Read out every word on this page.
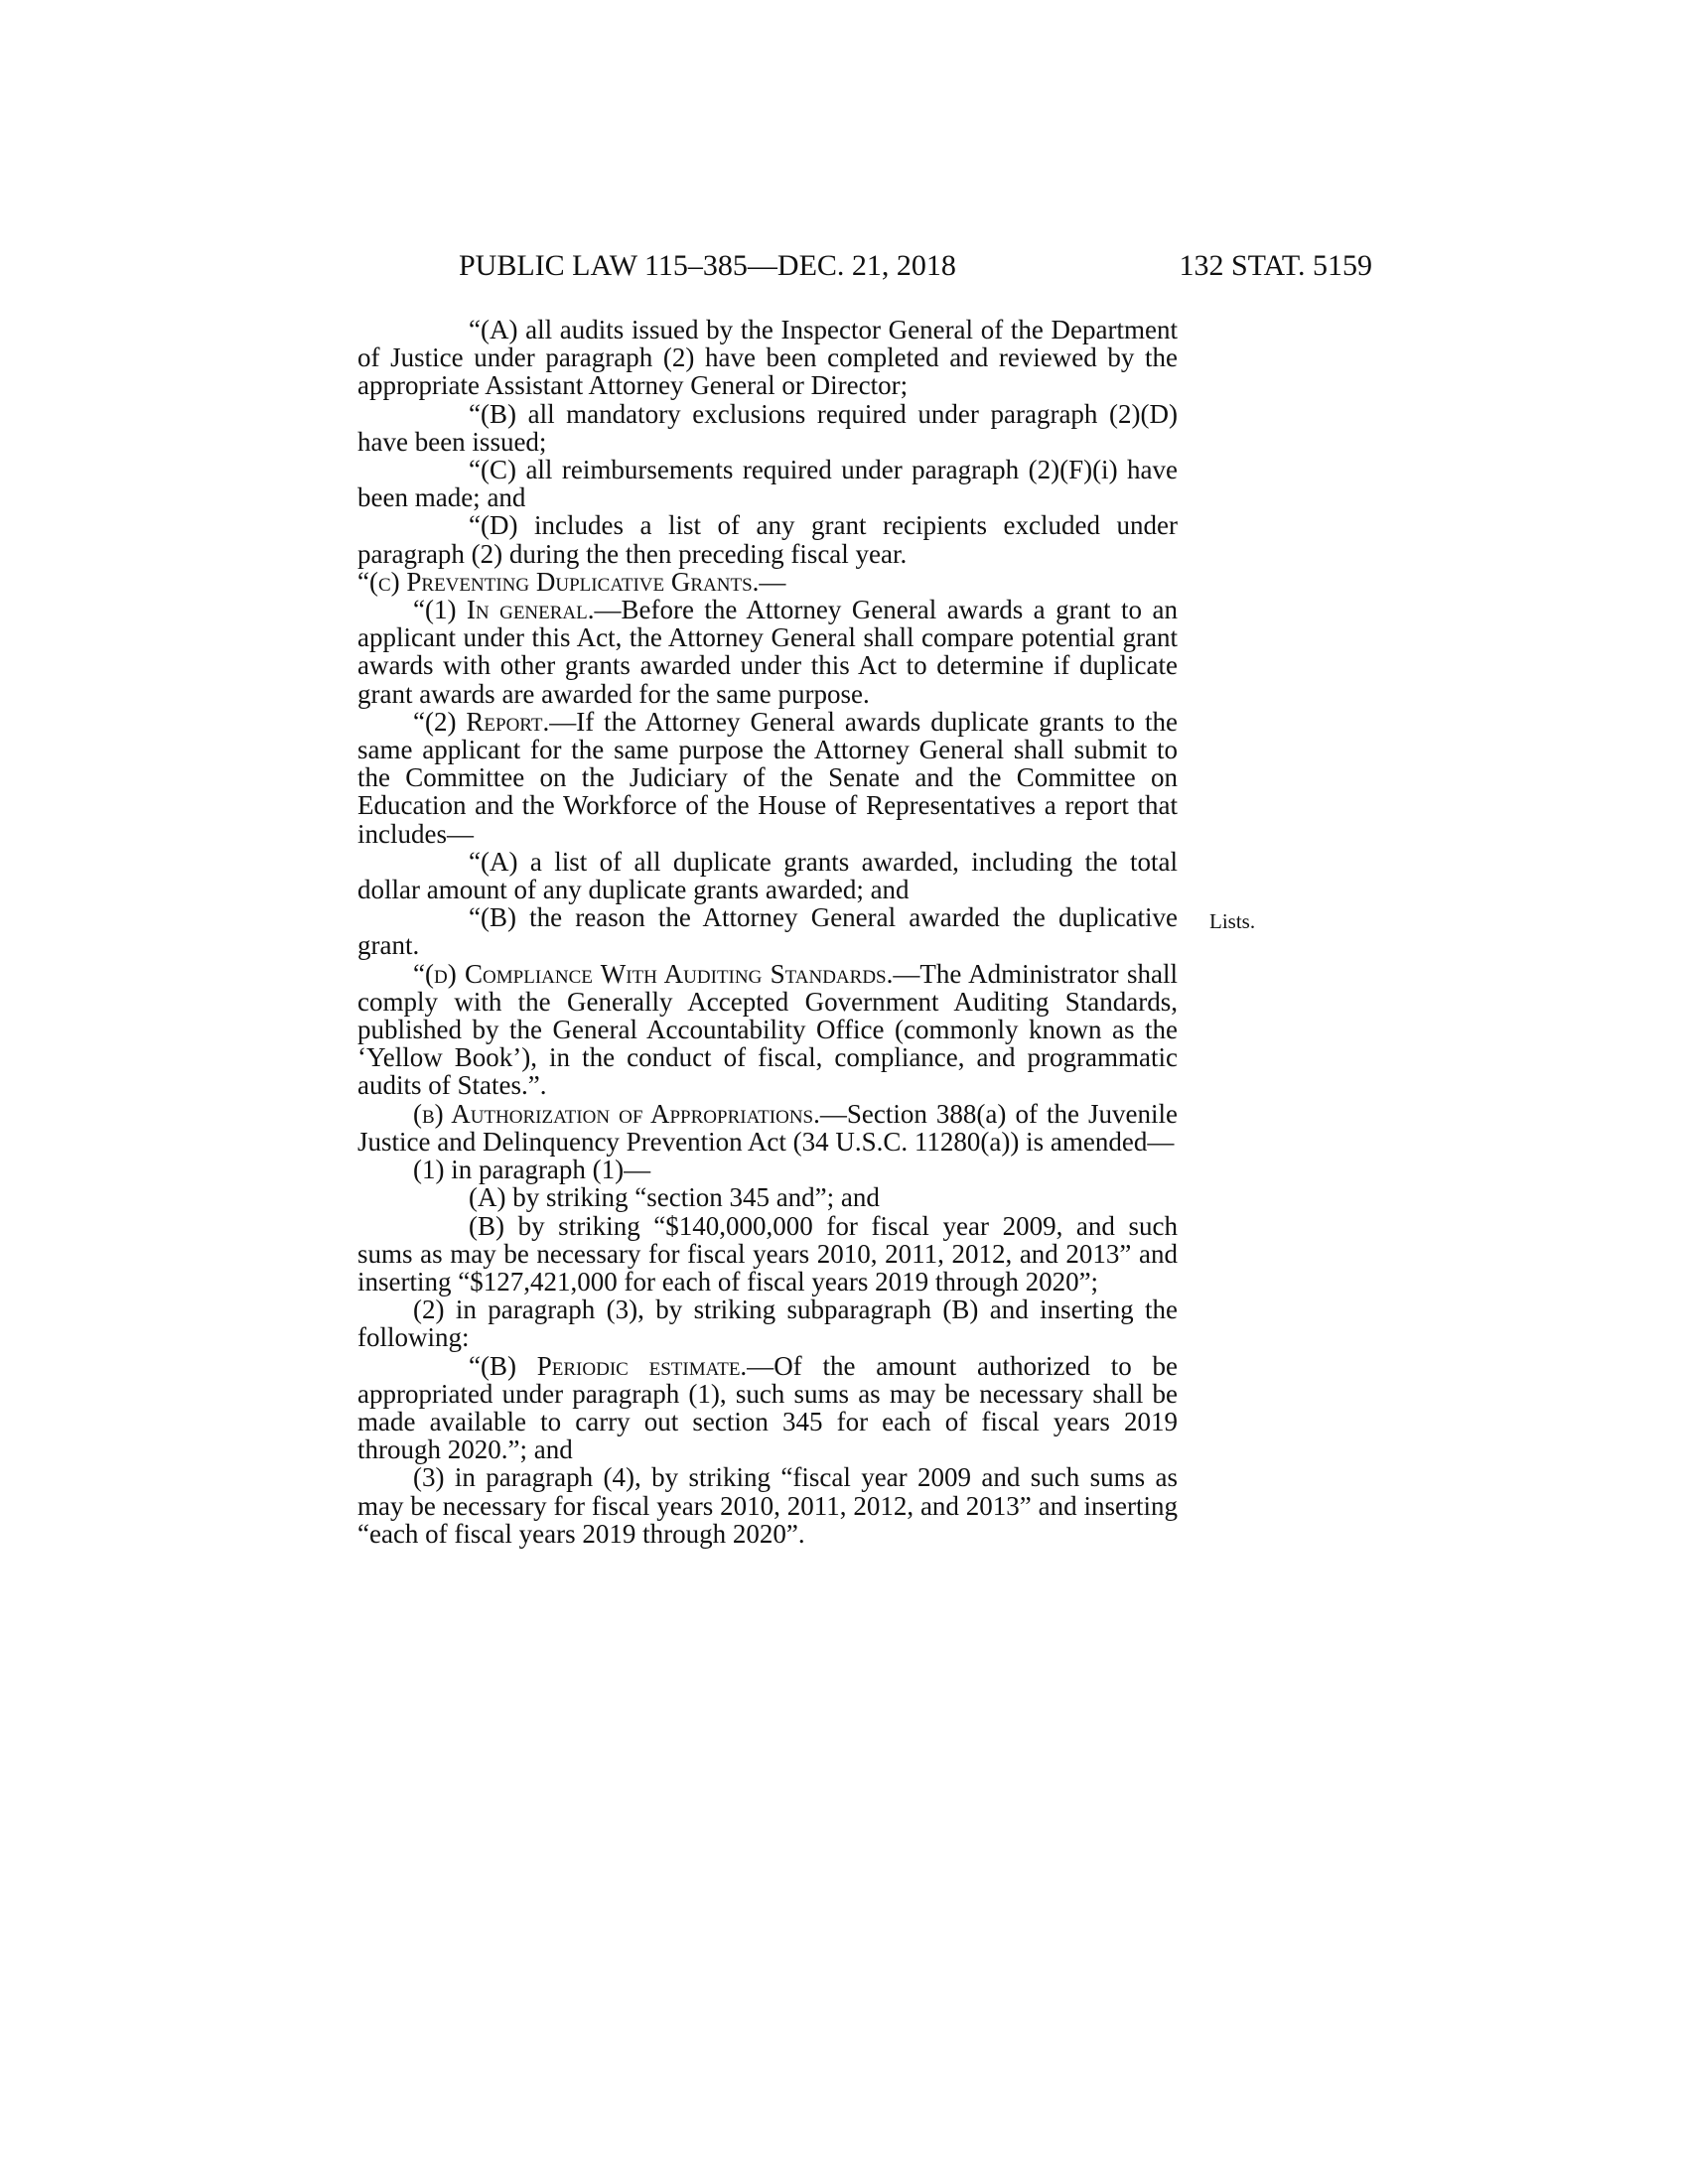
PUBLIC LAW 115–385—DEC. 21, 2018	132 STAT. 5159

“(A) all audits issued by the Inspector General of the Department of Justice under paragraph (2) have been completed and reviewed by the appropriate Assistant Attorney General or Director;

“(B) all mandatory exclusions required under paragraph (2)(D) have been issued;

“(C) all reimbursements required under paragraph (2)(F)(i) have been made; and

“(D) includes a list of any grant recipients excluded under paragraph (2) during the then preceding fiscal year.

“(c) Preventing Duplicative Grants.—

“(1) In general.—Before the Attorney General awards a grant to an applicant under this Act, the Attorney General shall compare potential grant awards with other grants awarded under this Act to determine if duplicate grant awards are awarded for the same purpose.

“(2) Report.—If the Attorney General awards duplicate grants to the same applicant for the same purpose the Attorney General shall submit to the Committee on the Judiciary of the Senate and the Committee on Education and the Workforce of the House of Representatives a report that includes—

“(A) a list of all duplicate grants awarded, including the total dollar amount of any duplicate grants awarded; and

“(B) the reason the Attorney General awarded the duplicative grant.

“(d) Compliance With Auditing Standards.—The Administrator shall comply with the Generally Accepted Government Auditing Standards, published by the General Accountability Office (commonly known as the ‘Yellow Book’), in the conduct of fiscal, compliance, and programmatic audits of States.”.

(b) Authorization of Appropriations.—Section 388(a) of the Juvenile Justice and Delinquency Prevention Act (34 U.S.C. 11280(a)) is amended—

(1) in paragraph (1)—

(A) by striking “section 345 and”; and

(B) by striking “$140,000,000 for fiscal year 2009, and such sums as may be necessary for fiscal years 2010, 2011, 2012, and 2013” and inserting “$127,421,000 for each of fiscal years 2019 through 2020”;

(2) in paragraph (3), by striking subparagraph (B) and inserting the following:

“(B) Periodic estimate.—Of the amount authorized to be appropriated under paragraph (1), such sums as may be necessary shall be made available to carry out section 345 for each of fiscal years 2019 through 2020.”; and

(3) in paragraph (4), by striking “fiscal year 2009 and such sums as may be necessary for fiscal years 2010, 2011, 2012, and 2013” and inserting “each of fiscal years 2019 through 2020”.

Lists.
